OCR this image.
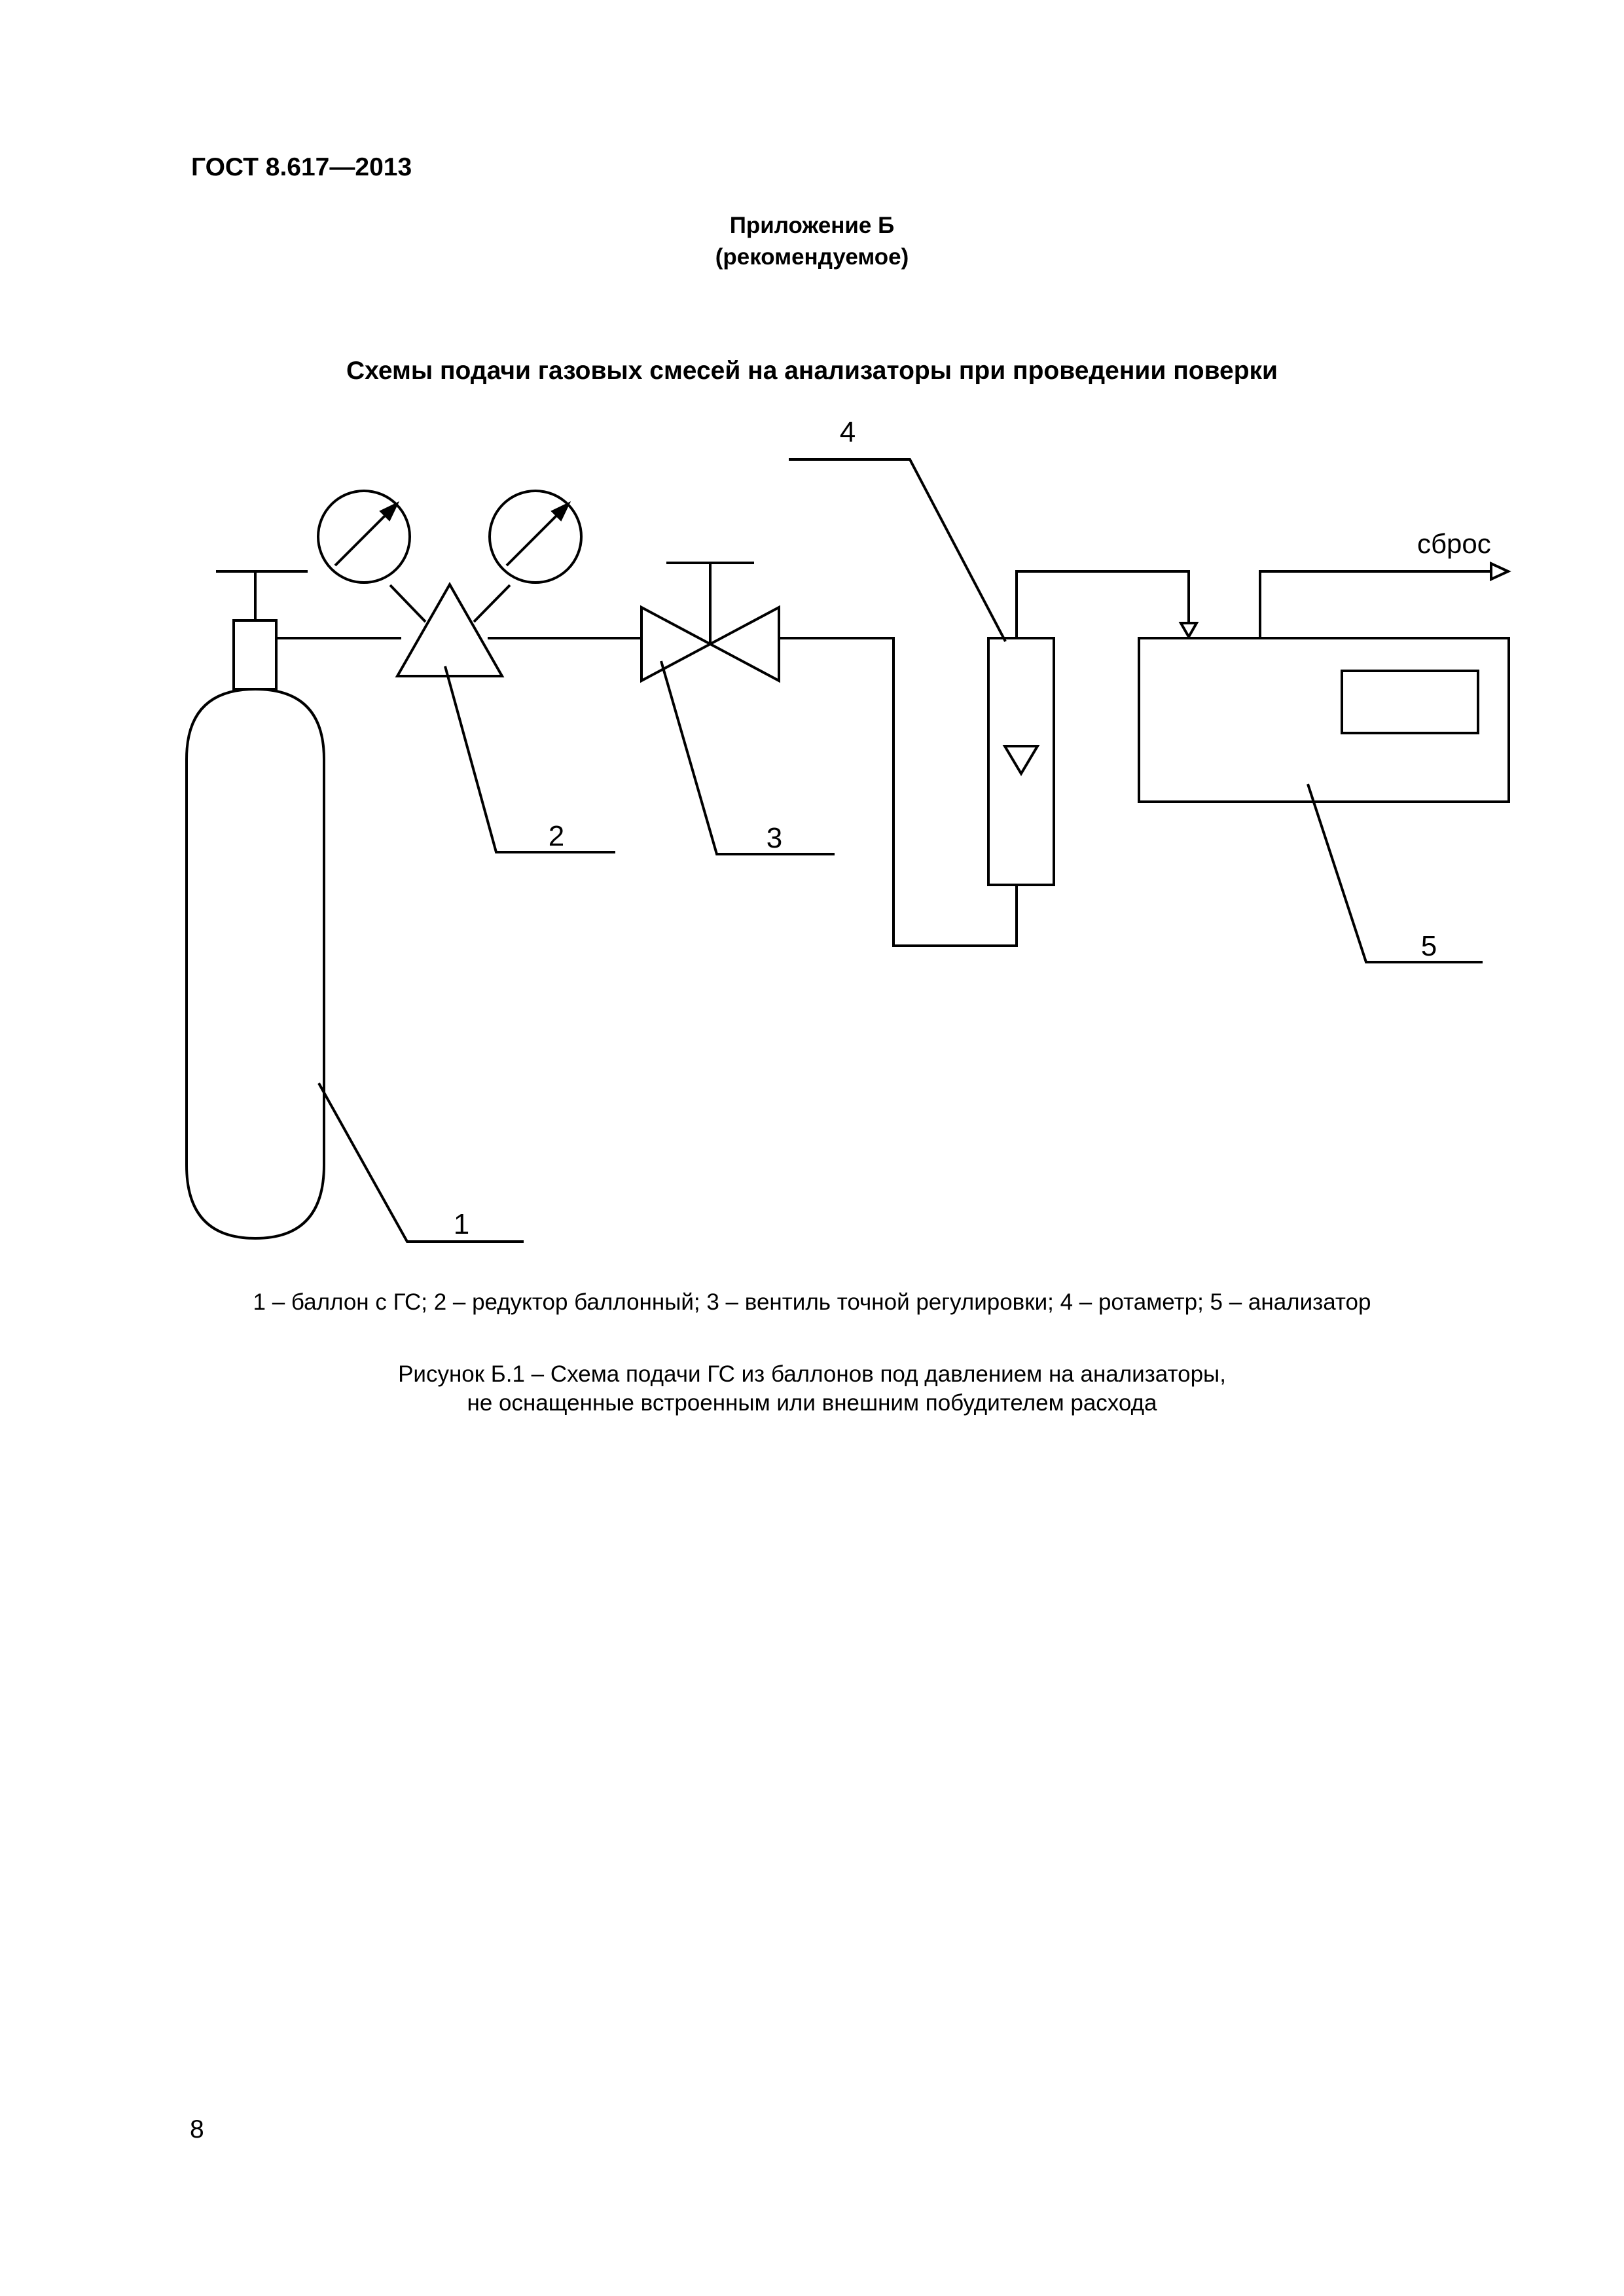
ГОСТ 8.617—2013
Приложение Б
(рекомендуемое)
Схемы подачи газовых смесей на анализаторы при проведении поверки
4
2	3
5
1
сброс
1 – баллон с ГС; 2 – редуктор баллонный; 3 – вентиль точной регулировки; 4 – ротаметр; 5 – анализатор
Рисунок Б.1 – Схема подачи ГС из баллонов под давлением на анализаторы,
не оснащенные встроенным или внешним побудителем расхода
8
